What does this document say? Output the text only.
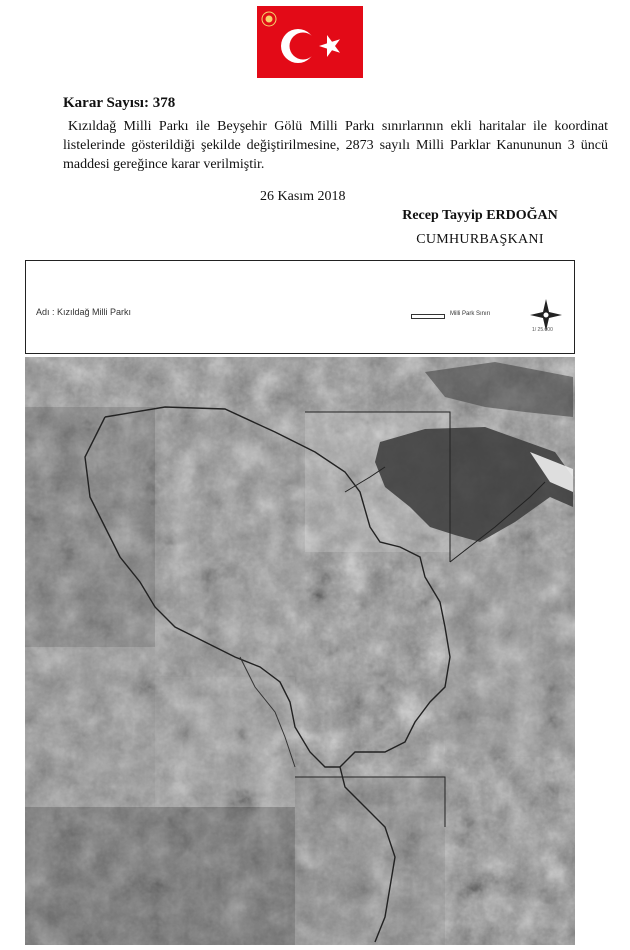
Karar Sayısı: 378
Kızıldağ Milli Parkı ile Beyşehir Gölü Milli Parkı sınırlarının ekli haritalar ile koordinat listelerinde gösterildiği şekilde değiştirilmesine, 2873 sayılı Milli Parklar Kanununun 3 üncü maddesi gereğince karar verilmiştir.
26 Kasım 2018
Recep Tayyip ERDOĞAN
CUMHURBAŞKANI
Adı : Kızıldağ Milli Parkı	Milli Park Sınırı
1/ 25.000
